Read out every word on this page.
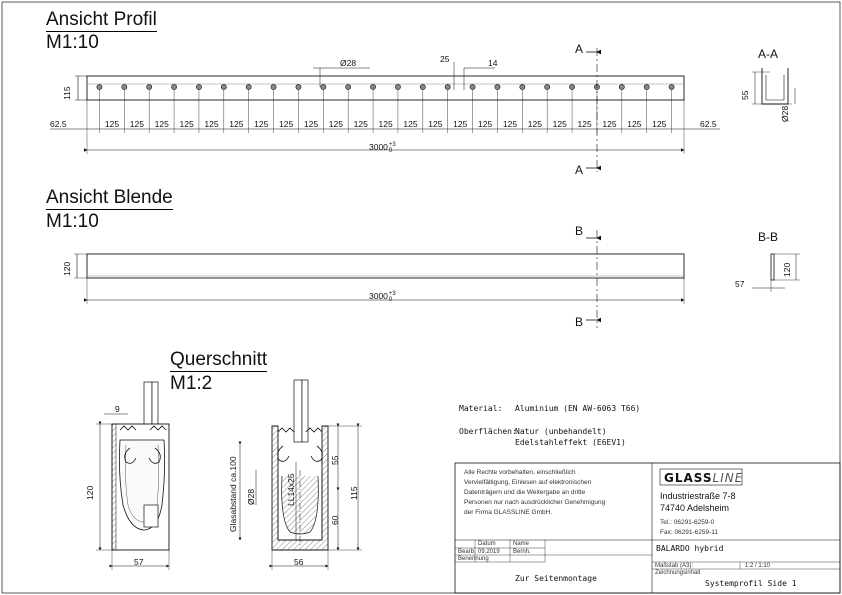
Ansicht Profil
M1:10
115
62.5	62.5
125 125 125 125 125 125 125 125 125 125 125 125 125 125 125 125 125 125 125 125 125 125 125
Ø28	25	14
3000+3
0
A
A
A-A
55
Ø28
Ansicht Blende
M1:10
120
3000+3
0
B
B
B-B
120
57
Querschnitt
M1:2
9
120
57
Glasabstand ca.100 Ø28	LL14x25
55
60
115
56
Material: Aluminium (EN AW-6063 T66)
Oberflächen:
Natur (unbehandelt)
Edelstahleffekt (E6EV1)
Alle Rechte vorbehalten, einschließlich
Vervielfältigung, Einlesen auf elektronischen
Datenträgern und die Weitergabe an dritte
Personen nur nach ausdrücklicher Genehmigung
der Firma GLASSLINE GmbH.
GLASSLINE
Industriestraße 7-8
74740 Adelsheim
Tel.: 06291-6259-0
Fax: 06291-6259-11
Datum	Name
Bearb. 09.2019 Bernh.
Benennung
BALARDO hybrid
Maßstab (A3):	1:2 / 1:10
Zeichnungsinhalt
Zur Seitenmontage
Systemprofil Side 1
